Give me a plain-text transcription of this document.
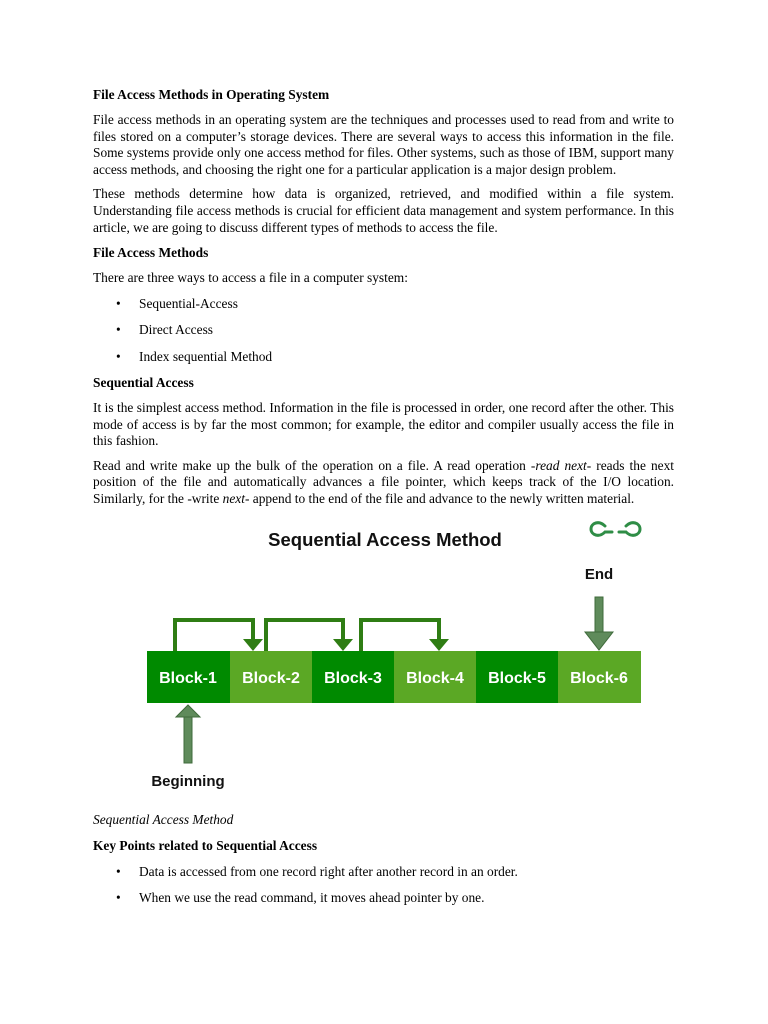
File Access Methods in Operating System

File access methods in an operating system are the techniques and processes used to read from and write to files stored on a computer’s storage devices. There are several ways to access this information in the file. Some systems provide only one access method for files. Other systems, such as those of IBM, support many access methods, and choosing the right one for a particular application is a major design problem.

These methods determine how data is organized, retrieved, and modified within a file system. Understanding file access methods is crucial for efficient data management and system performance. In this article, we are going to discuss different types of methods to access the file.

File Access Methods

There are three ways to access a file in a computer system:

• Sequential-Access
• Direct Access
• Index sequential Method
Sequential Access

It is the simplest access method. Information in the file is processed in order, one record after the other. This mode of access is by far the most common; for example, the editor and compiler usually access the file in this fashion.

Read and write make up the bulk of the operation on a file. A read operation -read next- reads the next position of the file and automatically advances a file pointer, which keeps track of the I/O location. Similarly, for the -write next- append to the end of the file and advance to the newly written material.

Sequential Access Method
End
Block-1 Block-2 Block-3 Block-4 Block-5 Block-6
Beginning

Sequential Access Method

Key Points related to Sequential Access
• Data is accessed from one record right after another record in an order.
• When we use the read command, it moves ahead pointer by one.
